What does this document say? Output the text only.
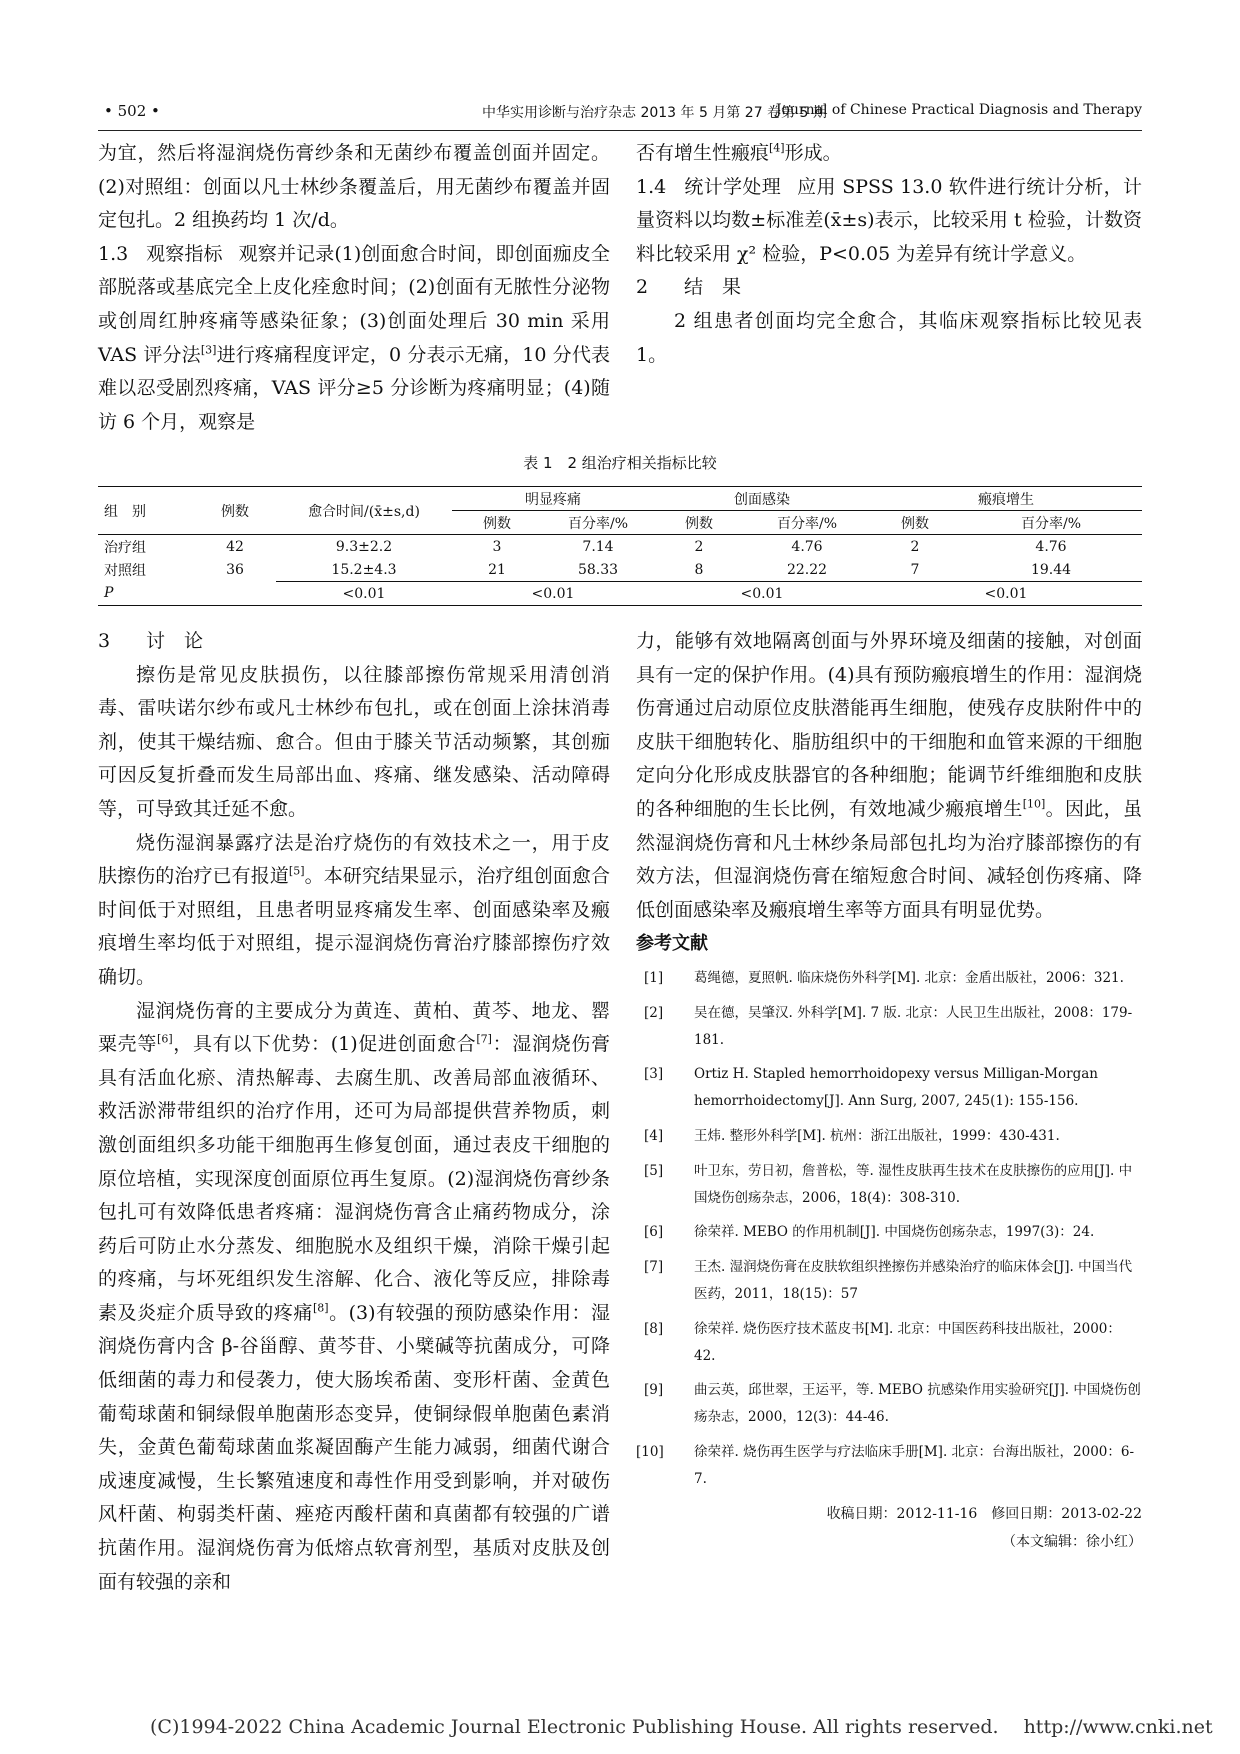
• 502 •	中华实用诊断与治疗杂志 2013 年 5 月第 27 卷第 5 期
Journal of Chinese Practical Diagnosis and Therapy

为宜，然后将湿润烧伤膏纱条和无菌纱布覆盖创面并固定。(2)对照组：创面以凡士林纱条覆盖后，用无菌纱布覆盖并固定包扎。2 组换药均 1 次/d。

1.3 观察指标 观察并记录(1)创面愈合时间，即创面痂皮全部脱落或基底完全上皮化痊愈时间；(2)创面有无脓性分泌物或创周红肿疼痛等感染征象；(3)创面处理后 30 min 采用 VAS 评分法[3]进行疼痛程度评定，0 分表示无痛，10 分代表难以忍受剧烈疼痛，VAS 评分≥5 分诊断为疼痛明显；(4)随访 6 个月，观察是

否有增生性瘢痕[4]形成。

1.4 统计学处理 应用 SPSS 13.0 软件进行统计分析，计量资料以均数±标准差(x̄±s)表示，比较采用 t 检验，计数资料比较采用 χ² 检验，P<0.05 为差异有统计学意义。

2 结　果

2 组患者创面均完全愈合，其临床观察指标比较见表 1。

表 1　2 组治疗相关指标比较
组　别	例数	愈合时间/(x̄±s,d)	明显疼痛		创面感染		瘢痕增生	
			例数	百分率/%	例数	百分率/%	例数	百分率/%
治疗组	42	9.3±2.2	3	7.14	2	4.76	2	4.76
对照组	36	15.2±4.3	21	58.33	8	22.22	7	19.44
P		<0.01	<0.01		<0.01		<0.01	

3 讨　论

擦伤是常见皮肤损伤，以往膝部擦伤常规采用清创消毒、雷呋诺尔纱布或凡士林纱布包扎，或在创面上涂抹消毒剂，使其干燥结痂、愈合。但由于膝关节活动频繁，其创痂可因反复折叠而发生局部出血、疼痛、继发感染、活动障碍等，可导致其迁延不愈。

烧伤湿润暴露疗法是治疗烧伤的有效技术之一，用于皮肤擦伤的治疗已有报道[5]。本研究结果显示，治疗组创面愈合时间低于对照组，且患者明显疼痛发生率、创面感染率及瘢痕增生率均低于对照组，提示湿润烧伤膏治疗膝部擦伤疗效确切。

湿润烧伤膏的主要成分为黄连、黄柏、黄芩、地龙、罂粟壳等[6]，具有以下优势：(1)促进创面愈合[7]：湿润烧伤膏具有活血化瘀、清热解毒、去腐生肌、改善局部血液循环、救活淤滞带组织的治疗作用，还可为局部提供营养物质，刺激创面组织多功能干细胞再生修复创面，通过表皮干细胞的原位培植，实现深度创面原位再生复原。(2)湿润烧伤膏纱条包扎可有效降低患者疼痛：湿润烧伤膏含止痛药物成分，涂药后可防止水分蒸发、细胞脱水及组织干燥，消除干燥引起的疼痛，与坏死组织发生溶解、化合、液化等反应，排除毒素及炎症介质导致的疼痛[8]。(3)有较强的预防感染作用：湿润烧伤膏内含 β-谷甾醇、黄芩苷、小檗碱等抗菌成分，可降低细菌的毒力和侵袭力，使大肠埃希菌、变形杆菌、金黄色葡萄球菌和铜绿假单胞菌形态变异，使铜绿假单胞菌色素消失，金黄色葡萄球菌血浆凝固酶产生能力减弱，细菌代谢合成速度减慢，生长繁殖速度和毒性作用受到影响，并对破伤风杆菌、枸弱类杆菌、痤疮丙酸杆菌和真菌都有较强的广谱抗菌作用。湿润烧伤膏为低熔点软膏剂型，基质对皮肤及创面有较强的亲和

力，能够有效地隔离创面与外界环境及细菌的接触，对创面具有一定的保护作用。(4)具有预防瘢痕增生的作用：湿润烧伤膏通过启动原位皮肤潜能再生细胞，使残存皮肤附件中的皮肤干细胞转化、脂肪组织中的干细胞和血管来源的干细胞定向分化形成皮肤器官的各种细胞；能调节纤维细胞和皮肤的各种细胞的生长比例，有效地减少瘢痕增生[10]。因此，虽然湿润烧伤膏和凡士林纱条局部包扎均为治疗膝部擦伤的有效方法，但湿润烧伤膏在缩短愈合时间、减轻创伤疼痛、降低创面感染率及瘢痕增生率等方面具有明显优势。

参考文献

[1] 葛绳德，夏照帆. 临床烧伤外科学[M]. 北京：金盾出版社，2006：321.
[2] 吴在德，吴肇汉. 外科学[M]. 7 版. 北京：人民卫生出版社，2008：179-181.
[3] Ortiz H. Stapled hemorrhoidopexy versus Milligan-Morgan hemorrhoidectomy[J]. Ann Surg, 2007, 245(1): 155-156.
[4] 王炜. 整形外科学[M]. 杭州：浙江出版社，1999：430-431.
[5] 叶卫东，劳日初，詹普松，等. 湿性皮肤再生技术在皮肤擦伤的应用[J]. 中国烧伤创疡杂志，2006，18(4)：308-310.
[6] 徐荣祥. MEBO 的作用机制[J]. 中国烧伤创疡杂志，1997(3)：24.
[7] 王杰. 湿润烧伤膏在皮肤软组织挫擦伤并感染治疗的临床体会[J]. 中国当代医药，2011，18(15)：57
[8] 徐荣祥. 烧伤医疗技术蓝皮书[M]. 北京：中国医药科技出版社，2000：42.
[9] 曲云英，邱世翠，王运平，等. MEBO 抗感染作用实验研究[J]. 中国烧伤创疡杂志，2000，12(3)：44-46.
[10] 徐荣祥. 烧伤再生医学与疗法临床手册[M]. 北京：台海出版社，2000：6-7.
收稿日期：2012-11-16　修回日期：2013-02-22
（本文编辑：徐小红）
(C)1994-2022 China Academic Journal Electronic Publishing House. All rights reserved.　 http://www.cnki.net
